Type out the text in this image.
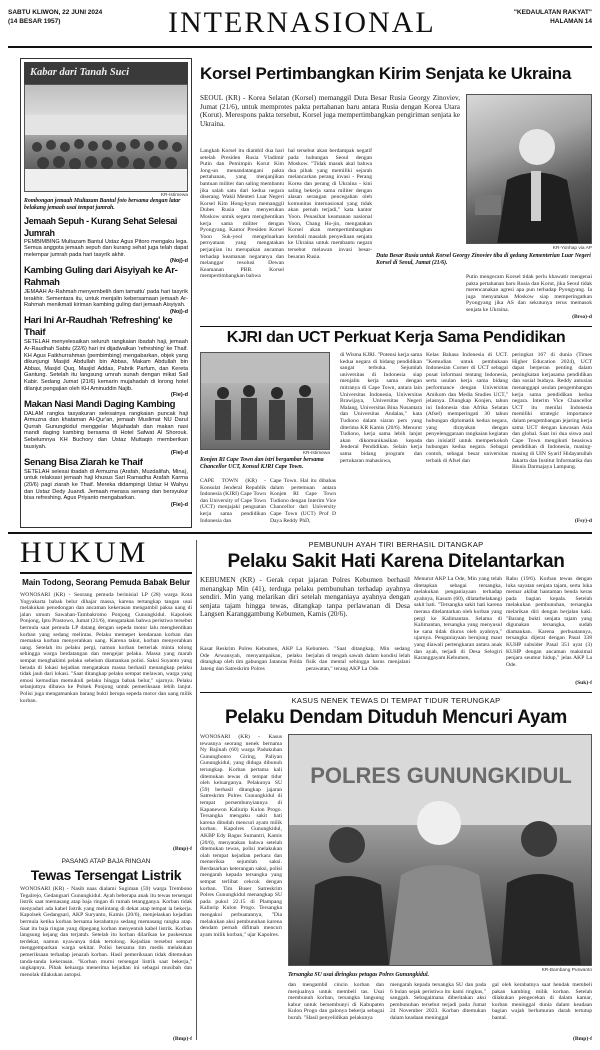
SABTU KLIWON, 22 JUNI 2024
(14 BESAR 1957)	INTERNASIONAL	"KEDAULATAN RAKYAT"
HALAMAN 14
Kabar dari Tanah Suci
KR-Istimewa
Rombongan jemaah Multazam Bantul foto bersama dengan latar belakang jemaah usai tempat jumrah.
Jemaah Sepuh - Kurang Sehat Selesai Jumrah
PEMBIMBING Multazam Bantul Ustaz Agus Pitoro mengaku lega. Semua anggota jemaah sepuh dan kurang sehat juga telah dapat melempar jumrah pada hari tasyrik akhir.
(Noj)-d
Kambing Guling dari Aisyiyah ke Ar-Rahmah
JEMAAH Ar-Rahmah menyembelih dam tamattu' pada hari tasyrik terakhir. Sementara itu, untuk menjalin kebersamaan jemaah Ar-Rahmah menikmati kiriman kambing guling dari jemaah Aisyiyah.
(Noj)-d
Hari Ini Ar-Raudhah 'Refreshing' ke Thaif
SETELAH menyelesaikan seluruh rangkaian ibadah haji, jemaah Ar-Raudhah Sabtu (22/6) hari ini dijadwalkan 'refreshing' ke Thaif. KH Agus Fatkhurrahman (pembimbing) mengabarkan, objek yang dikunjungi Masjid Abdullah bin Abbas, Makam Abdullah bin Abbas, Masjid Quq, Masjid Addas, Pabrik Parfum, dan Kereta Gantung. Setelah itu langsung umrah sunah dengan mikat Sail Kabir. Sedang Jumat (21/6) kemarin mujahadah di lorong hotel dilanjut pengajian oleh KH Aminuddin Najib.
(Fie)-d
Makan Nasi Mandi Daging Kambing
DALAM rangka tasyakuran selesainya rangkaian puncak haji Armuzna dan khataman Al-Qur'an, jemaah Muslimat NU Darul Qurrah Gunungkidul menggelar Mujahadah dan makan nasi mandi daging kambing bersama di Hotel Safwat Al Shorouk. Sebelumnya KH Buchory dan Ustaz Muttaqin memberikan tausiyah.
(Fie)-d
Senang Bisa Ziarah ke Thaif
SETELAH selesai ibadah di Armuzna (Arafah, Muzdalifah, Mina), untuk relaksasi jemaah haji khusus Sari Ramadha Arafah Karma (20/6) pagi ziarah ke Thaif. Mereka didampingi Ustaz H Wahyu dan Ustaz Dedy Juandi. Jemaah merasa senang dan bersyukur bisa refreshing. Agus Priyanto mengabarkan.
(Fie)-d
Korsel Pertimbangkan Kirim Senjata ke Ukraina
SEOUL (KR) - Korea Selatan (Korsel) memanggil Duta Besar Rusia Georgy Zinoviev, Jumat (21/6), untuk memprotes pakta pertahanan baru antara Rusia dengan Korea Utara (Korut). Merespons pakta tersebut, Korsel juga mempertimbangkan pengiriman senjata ke Ukraina.
Langkah Korsel itu diambil dua hari setelah Presiden Rusia Vladimir Putin dan Pemimpin Korut Kim Jong-un menandatangani pakta pertahanan, yang menjanjikan bantuan militer dan saling membantu jika salah satu dari kedua negara diserang. Wakil Menteri Luar Negeri Korsel Kim Hong-kyun memanggil Dubes Rusia dan menyerukan Moskow untuk segera menghentikan kerja sama militer dengan Pyongyang. Kantor Presiden Korsel Yoon Suk-yeol mengeluarkan pernyataan yang mengatakan perjanjian itu merupakan ancaman terhadap keamanan negaranya dan melanggar resolusi Dewan Keamanan PBB. Korsel mempertimbangkan bahwa
hal tersebut akan berdampak negatif pada hubungan Seoul dengan Moskow. "Tidak masuk akal bahwa dua pihak yang memiliki sejarah melancarkan perang invasi - Perang Korea dan perang di Ukraina - kini saling bekerja sama militer dengan alasan serangan pencegahan oleh komunitas internasional yang tidak akan pernah terjadi," kata kantor Yoon. Penasihat keamanan nasional Yoon, Chang Ho-jin, mengatakan Korsel akan mempertimbangkan kembali masalah penyediaan senjata ke Ukraina untuk membantu negara tersebut melawan invasi besar-besaran Rusia.
KR-Yonhap via AP
Duta Besar Rusia untuk Korsel Georgy Zinoviev tiba di gedung Kementerian Luar Negeri Korsel di Seoul, Jumat (21/6).
Putin mengecam Korsel tidak perlu khawatir mengenai pakta pertahanan baru Rusia dan Korut, jika Seoul tidak merencanakan agresi apa pun terhadap Pyongyang. Ia juga menyatakan Moskow siap memperingatkan Pyongyang jika AS dan sekutunya terus memasok senjata ke Ukraina.
(Brso)-d
KJRI dan UCT Perkuat Kerja Sama Pendidikan
KR-Istimewa
Konjen RI Cape Town dan istri bergambar bersama Chancellor UCT, Konsul KJRI Cape Town.
CAPE TOWN (KR) - Konsulat Jenderal Republik Indonesia (KJRI) Cape Town dan University of Cape Town (UCT) menjajaki penguatan kerja sama pendidikan Indonesia dan
Cape Town. Hal itu dibahas dalam pertemuan antara Konjen RI Cape Town Tudiono dengan Interim Vice Chancellor dari University Cape Town (UCT) Prof D Daya Reddy PhD,
di Wisma KJRI. "Potensi kerja sama kedua negara di bidang pendidikan sangat terbuka. Sejumlah universitas di Indonesia siap menjalin kerja sama dengan mitranya di Cape Town, antara lain Universitas Indonesia, Universitas Brawijaya, Universitas Negeri Malang, Universitas Bina Nusantara dan Universitas Andalas," kata Tudiono dalam siaran pers yang diterima KR Kamis (20/6). Menurut Tudiono, kerja sama lebih lanjut akan dikomunikasikan kepada Jenderal Pendidikan. Selain kerja sama bidang program dan pertukaran mahasiswa,
Kelas Bahasa Indonesia di UCT. "Kemudian untuk pembukaan Indonesian Corner di UCT sebagai pusat informasi tentang Indonesia, serta usulan kerja sama bidang performance dengan Universitas Amikom dan Media Studies UCT," jelasnya. Diungkap Konjen, tahun ini Indonesia dan Afrika Selatan (Afsel) memperingati 30 tahun hubungan diplomatik kedua negara, yang dirayakan dengan penyelenggaraan rangkaian kegiatan dan inisiatif untuk memperkokoh hubungan kedua negara. Sebagai contoh, sebagai besar universitas terbaik di Afsel dan
peringkat 167 di dunia (Times Higher Education 2024), UCT dapat berperan penting dalam peningkatan kerjasama pendidikan dan sosial budaya. Reddy antusias menanggapi usulan pengembangan kerja sama pendidikan kedua negara. Interim Vice Chancellor UCT itu menilai Indonesia memiliki strategic importance dalam pengembangan jejaring kerja sama UCT dengan kawasan Asia dan global. Saat ini dua siswa asal Cape Town mengikuti beasiswa pendidikan di Indonesia, masing-masing di UIN Syarif Hidayatullah Jakarta dan Institut Informatika dan Bisnis Darmajaya Lampung.
(Fsy)-d
HUKUM
Main Todong, Seorang Pemuda Babak Belur
WONOSARI (KR) - Seorang pemuda berinisial LP (28) warga Kota Yogyakarta babak belur dihajar massa, karena tertangkap tangan usai melakukan penodongan dan ancaman kekerasan mengambil paksa uang di jalan umum Sawahan-Tambakromo Ponjong Gunungkidul. Kapolsek Ponjong, Iptu Prastowo, Jumat (21/6), mengatakan bahwa peristiwa tersebut bermula saat pemuda LP datang dengan sepeda motor lalu menghentikan korban yang sedang melintas. Pelaku memepet kendaraan korban dan memaksa korban menyerahkan uang. Karena takut, korban menyerahkan uang. Setelah itu pelaku pergi, namun korban berteriak minta tolong sehingga warga berdatangan dan mengejar pelaku. Massa yang marah sempat menghakimi pelaku sebelum diamankan polisi. Saksi Suyanto yang berada di lokasi kejadian mengatakan massa berhasil menangkap pelaku tidak jauh dari lokasi. "Saat ditangkap pelaku sempat melawan, warga yang emosi kemudian memukuli pelaku hingga babak belur," ujarnya. Pelaku selanjutnya dibawa ke Polsek Ponjong untuk pemeriksaan lebih lanjut. Polisi juga mengamankan barang bukti berupa sepeda motor dan uang milik korban.
(Bmp)-f
PASANG ATAP BAJA RINGAN
Tewas Tersengat Listrik
WONOSARI (KR) - Nasib naas dialami Sugiman (59) warga Trembono Tegalrejo, Gedangsari Gunungkidul. Ayah beberapa anak itu tewas tersengat listrik saat memasang atap baja ringan di rumah tetangganya. Korban tidak menyadari ada kabel listrik yang melintang di dekat atap tempat ia bekerja. Kapolsek Gedangsari, AKP Suryanto, Kamis (20/6), menjelaskan kejadian bermula ketika korban bersama kerabatnya sedang memasang rangka atap. Saat itu baja ringan yang dipegang korban menyentuh kabel listrik. Korban langsung kejang dan terjatuh. Setelah itu korban dilarikan ke puskesmas terdekat, namun nyawanya tidak tertolong. Kejadian tersebut sempat menggemparkan warga sekitar. Polisi bersama tim medis melakukan pemeriksaan terhadap jenazah korban. Hasil pemeriksaan tidak ditemukan tanda-tanda kekerasan. "Korban murni tersengat listrik saat bekerja," ungkapnya. Pihak keluarga menerima kejadian ini sebagai musibah dan menolak dilakukan autopsi.
(Bmp)-f
PEMBUNUH AYAH TIRI BERHASIL DITANGKAP
Pelaku Sakit Hati Karena Ditelantarkan
KEBUMEN (KR) - Gerak cepat jajaran Polres Kebumen berhasil menangkap Min (41), terduga pelaku pembunuhan terhadap ayahnya sendiri. Min yang melarikan diri setelah menganiaya ayahnya dengan senjata tajam hingga tewas, ditangkap tanpa perlawanan di Desa Langsen Karanggambung Kebumen, Kamis (20/6).
Kasat Reskrim Polres Kebumen, AKP La Ode Arwansyah, menyampaikan, pelaku ditangkap oleh tim gabungan Jatanras Polda Jateng dan Satreskrim Polres
Kebumen. "Saat ditangkap, Min sedang berjalan di tengah sawah dalam kondisi lelah fisik dan mental sehingga harus menjalani perawatan," terang AKP La Ode.
Menurut AKP La Ode, Min yang telah ditetapkan sebagai tersangka, melakukan penganiayaan terhadap ayahnya, Kasum (60), dilatarbelakangi sakit hati. "Tersangka sakit hati karena merasa ditelantarkan oleh korban yang pergi ke Kalimantan. Selama di Kalimantan, tersangka yang menyusul ke sana tidak diurus oleh ayahnya," ujarnya. Penganiayaan berujung maut yang diawali pertengkaran antara anak dan ayah, terjadi di Desa Selogiri Karanggayam Kebumen,
Rabu (19/6). Korban tewas dengan luka sayatan senjata tajam, serta luka memar akibat hantaman benda keras pada bagian kepala. Setelah melakukan pembunuhan, tersangka melarikan diri dengan berjalan kaki. "Barang bukti senjata tajam yang digunakan tersangka, sudah diamankan. Karena perbuatannya, tersangka dijerat dengan Pasal 338 KUHP subsider Pasal 351 ayat (3) KUHP dengan ancaman maksimal penjara seumur hidup," jelas AKP La Ode.
(Suk)-f
KASUS NENEK TEWAS DI TEMPAT TIDUR TERUNGKAP
Pelaku Dendam Dituduh Mencuri Ayam
WONOSARI (KR) - Kasus tewasnya seorang nenek bernama Ny Bajinah (60) warga Padukuhan Gunungbonro Giring, Paliyan Gunungkidul, yang diduga dibunuh terungkap. Korban pertama kali ditemukan tewas di tempat tidur oleh keluarganya. Pelakunya SU (59) berhasil ditangkap jajaran Satreskrim Polres Gunungkidul di tempat persembunyiannya di Kapanewon Kaliurip Kulon Progo. Tersangka mengaku sakit hati karena dituduh mencuri ayam milik korban. Kapolres Gunungkidul, AKBP Edy Bagus Sumantri, Kamis (20/6), menyatakan bahwa setelah ditemukan tewas, polisi melakukan olah tempat kejadian perkara dan memeriksa sejumlah saksi. Berdasarkan keterangan saksi, polisi mengarah kepada tersangka yang sempat terlibat cekcok dengan korban. Tim Buser Satreskrim Polres Gunungkidul menangkap SU pada pukul 22.15 di Plampang Kaliurip Kulon Progo. Tersangka mengakui perbuatannya, "Dia melakukan aksi pembunuhan karena dendam pernah difitnah mencuri ayam milik korban," ujar Kapolres.
POLRES GUNUNGKIDUL
KR-Bambang Purwanto
Tersangka SU usai diringkus petugas Polres Gunungkidul.
dan mengambil cincin korban dan menjualnya untuk membeli tas. Usai membunuh korban, tersangka langsung kabur untuk bersembunyi di Kabupaten Kulon Progo dan galonya bekerja sebagai buruh. "Hasil penyelidikan pelakunya
mengarah kepada tersangka SU dan pada 6 bulan sejak peristiwa itu kami ringkus," sanggah. Sebagaimana diberitakan aksi pembunuhan tersebut terjadi pada Jumat 24 November 2023. Korban ditemukan dalam keadaan meninggal
gal oleh kerabatnya saat hendak membeli pakan kambing milik korban. Setelah dilakukan pengecekan di dalam kamar, korban meninggal dunia dalam keadaan bagian wajah berlumuran darah tertutup bantal.
(Bmp)-f
